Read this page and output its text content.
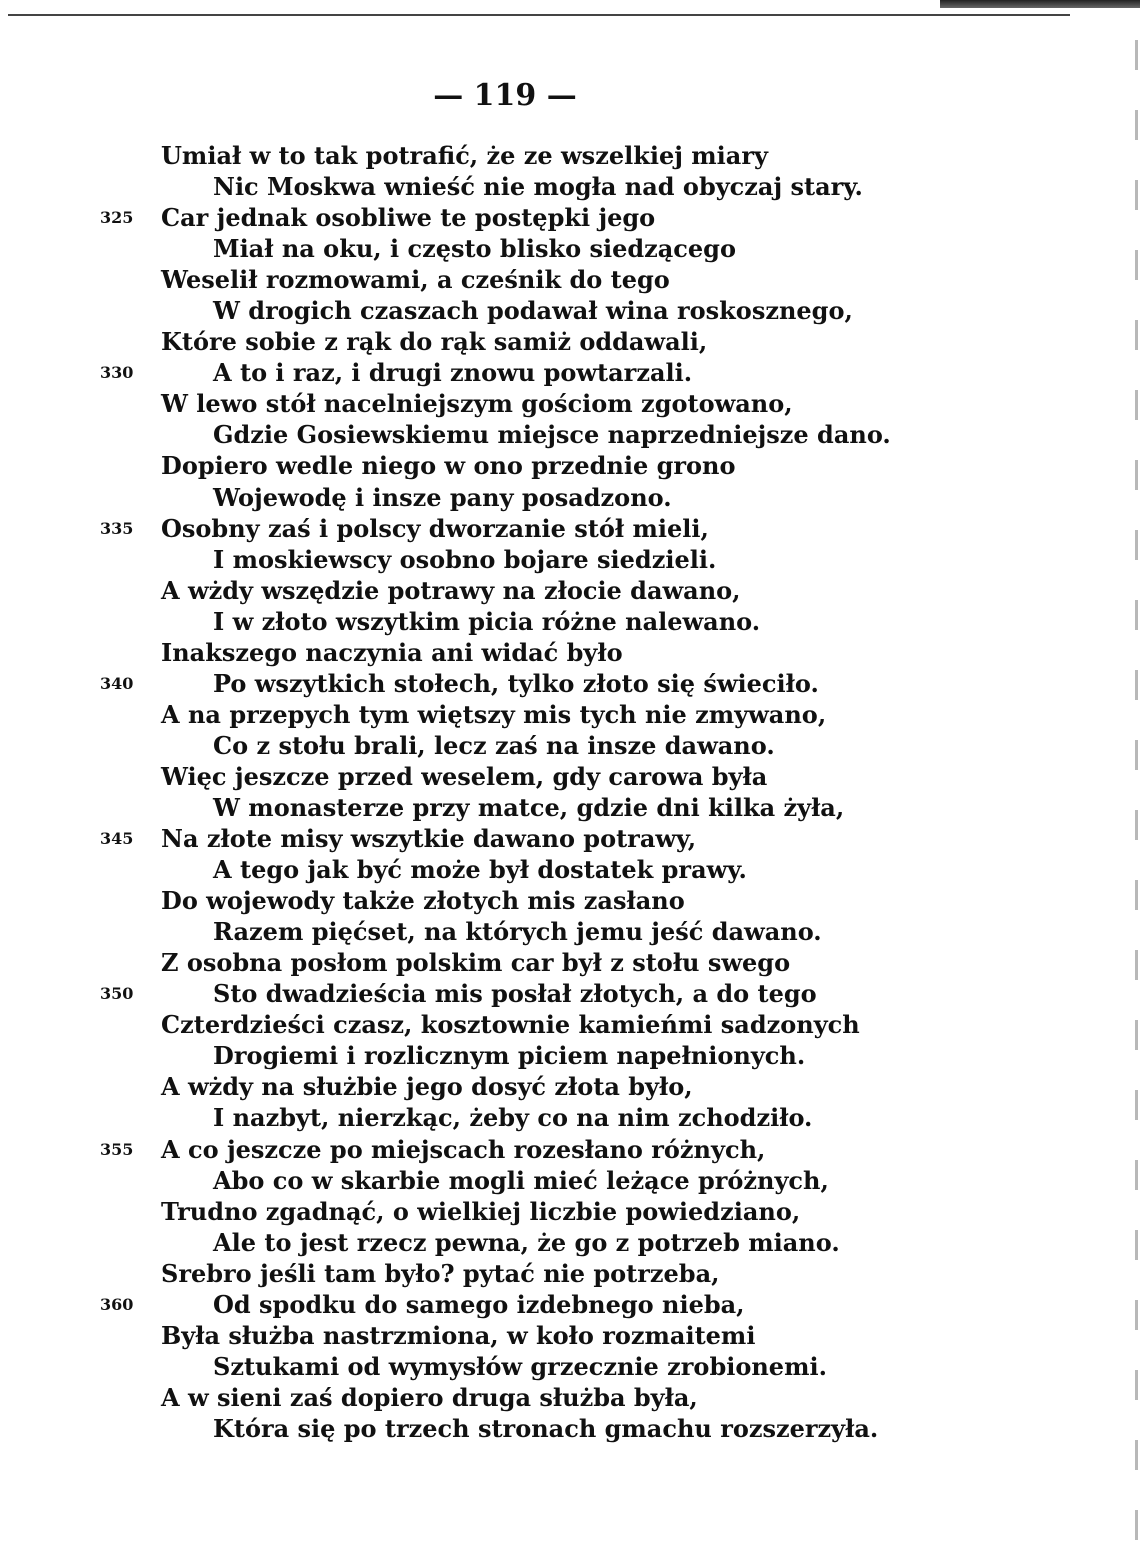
— 119 —
Umiał w to tak potrafić, że ze wszelkiej miary
Nic Moskwa wnieść nie mogła nad obyczaj stary.
325 Car jednak osobliwe te postępki jego
Miał na oku, i często blisko siedzącego
Weselił rozmowami, a cześnik do tego
W drogich czaszach podawał wina roskosznego,
Które sobie z rąk do rąk samiż oddawali,
330	A to i raz, i drugi znowu powtarzali.
W lewo stół nacelniejszym gościom zgotowano,
Gdzie Gosiewskiemu miejsce naprzedniejsze dano.
Dopiero wedle niego w ono przednie grono
Wojewodę i insze pany posadzono.
335 Osobny zaś i polscy dworzanie stół mieli,
I moskiewscy osobno bojare siedzieli.
A wżdy wszędzie potrawy na złocie dawano,
I w złoto wszytkim picia różne nalewano.
Inakszego naczynia ani widać było
340	Po wszytkich stołech, tylko złoto się świeciło.
A na przepych tym więtszy mis tych nie zmywano,
Co z stołu brali, lecz zaś na insze dawano.
Więc jeszcze przed weselem, gdy carowa była
W monasterze przy matce, gdzie dni kilka żyła,
345 Na złote misy wszytkie dawano potrawy,
A tego jak być może był dostatek prawy.
Do wojewody także złotych mis zasłano
Razem pięćset, na których jemu jeść dawano.
Z osobna posłom polskim car był z stołu swego
350	Sto dwadzieścia mis posłał złotych, a do tego
Czterdzieści czasz, kosztownie kamieńmi sadzonych
Drogiemi i rozlicznym piciem napełnionych.
A wżdy na służbie jego dosyć złota było,
I nazbyt, nierzkąc, żeby co na nim zchodziło.
355 A co jeszcze po miejscach rozesłano różnych,
Abo co w skarbie mogli mieć leżące próżnych,
Trudno zgadnąć, o wielkiej liczbie powiedziano,
Ale to jest rzecz pewna, że go z potrzeb miano.
Srebro jeśli tam było? pytać nie potrzeba,
360	Od spodku do samego izdebnego nieba,
Była służba nastrzmiona, w koło rozmaitemi
Sztukami od wymysłów grzecznie zrobionemi.
A w sieni zaś dopiero druga służba była,
Która się po trzech stronach gmachu rozszerzyła.
